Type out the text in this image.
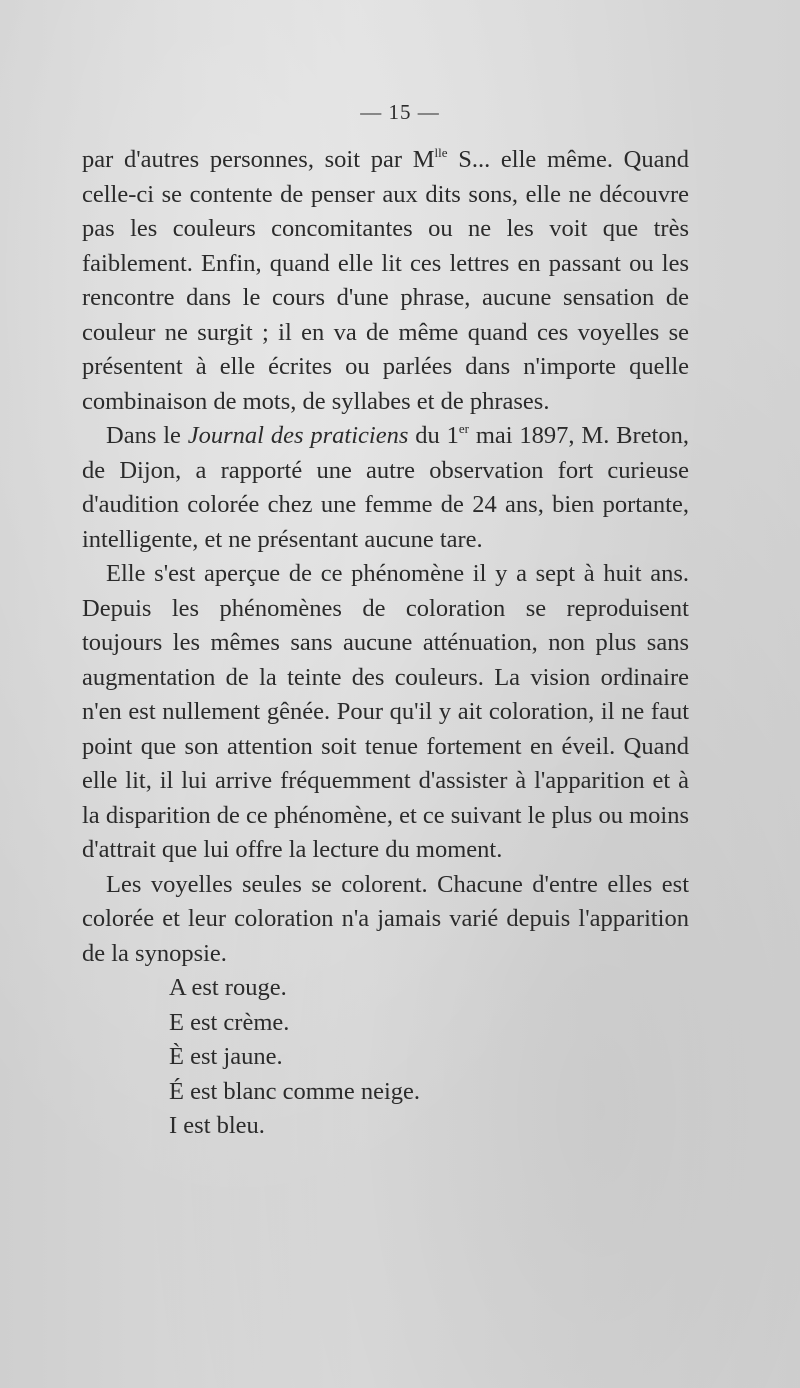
— 15 —

par d'autres personnes, soit par $M^{lle}$ S... elle même. Quand celle-ci se contente de penser aux dits sons, elle ne découvre pas les couleurs concomitantes ou ne les voit que très faiblement. Enfin, quand elle lit ces lettres en passant ou les rencontre dans le cours d'une phrase, aucune sensation de couleur ne surgit ; il en va de même quand ces voyelles se présentent à elle écrites ou parlées dans n'importe quelle combinaison de mots, de syllabes et de phrases.

Dans le Journal des praticiens du 1er mai 1897, M. Breton, de Dijon, a rapporté une autre observation fort curieuse d'audition colorée chez une femme de 24 ans, bien portante, intelligente, et ne présentant aucune tare.

Elle s'est aperçue de ce phénomène il y a sept à huit ans. Depuis les phénomènes de coloration se reproduisent toujours les mêmes sans aucune atténuation, non plus sans augmentation de la teinte des couleurs. La vision ordinaire n'en est nullement gênée. Pour qu'il y ait coloration, il ne faut point que son attention soit tenue fortement en éveil. Quand elle lit, il lui arrive fréquemment d'assister à l'apparition et à la disparition de ce phénomène, et ce suivant le plus ou moins d'attrait que lui offre la lecture du moment.

Les voyelles seules se colorent. Chacune d'entre elles est colorée et leur coloration n'a jamais varié depuis l'apparition de la synopsie.

A est rouge.
E est crème.
È est jaune.
É est blanc comme neige.
I est bleu.
